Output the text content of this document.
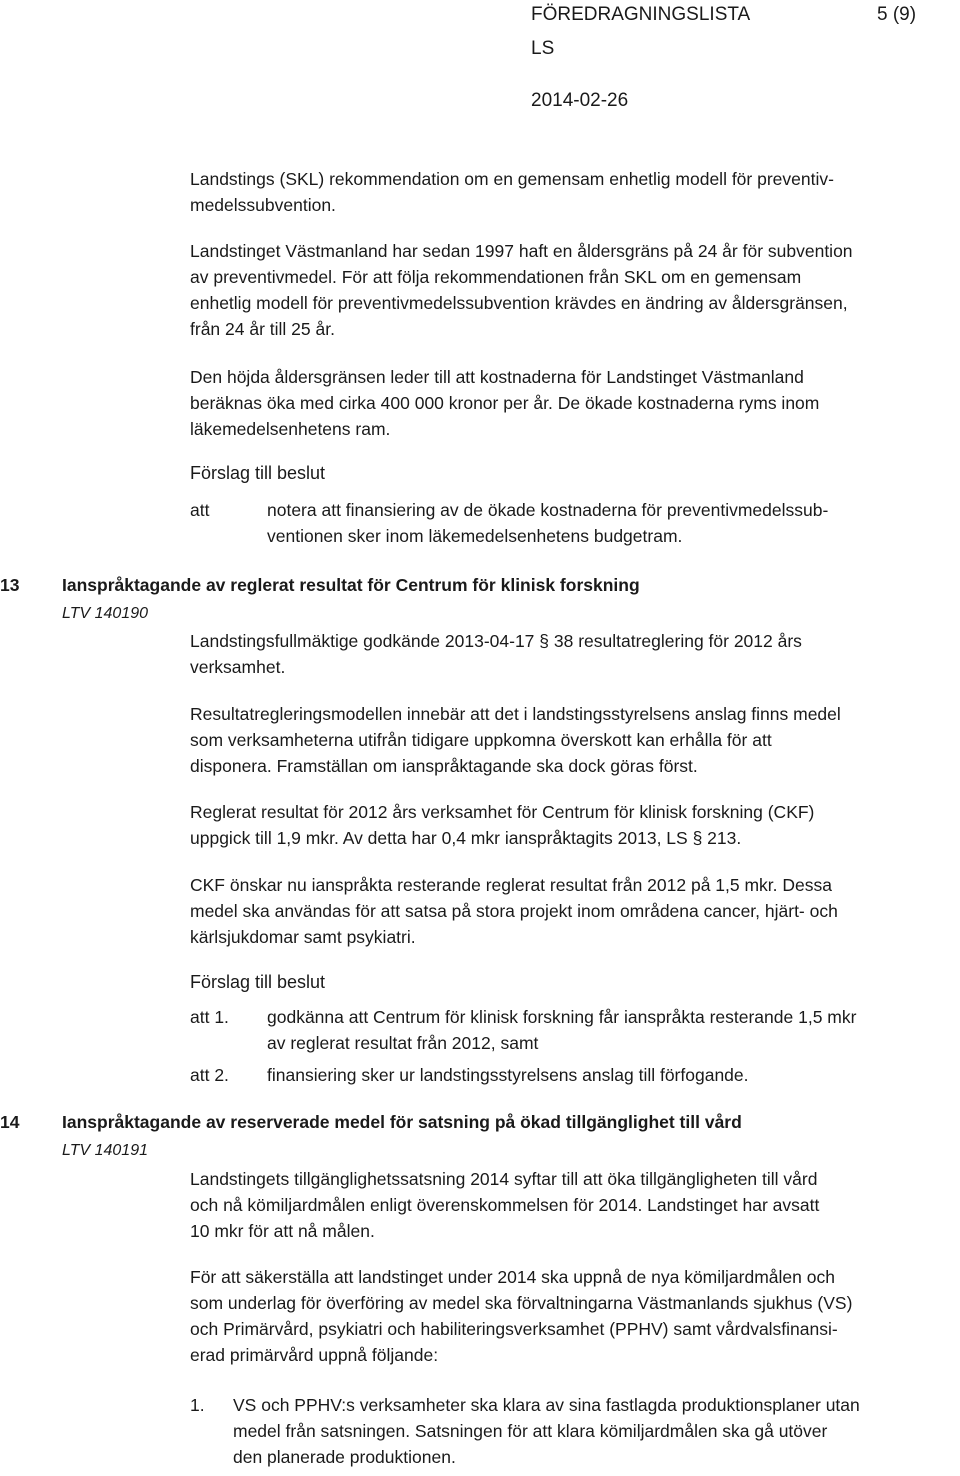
FÖREDRAGNINGSLISTA	5 (9)
LS
2014-02-26
Landstings (SKL) rekommendation om en gemensam enhetlig modell för preventiv-
medelssubvention.
Landstinget Västmanland har sedan 1997 haft en åldersgräns på 24 år för subvention
av preventivmedel. För att följa rekommendationen från SKL om en gemensam
enhetlig modell för preventivmedelssubvention krävdes en ändring av åldersgränsen,
från 24 år till 25 år.
Den höjda åldersgränsen leder till att kostnaderna för Landstinget Västmanland
beräknas öka med cirka 400 000 kronor per år. De ökade kostnaderna ryms inom
läkemedelsenhetens ram.
Förslag till beslut
att	notera att finansiering av de ökade kostnaderna för preventivmedelssub-
ventionen sker inom läkemedelsenhetens budgetram.
13 Ianspråktagande av reglerat resultat för Centrum för klinisk forskning
LTV 140190
Landstingsfullmäktige godkände 2013-04-17 § 38 resultatreglering för 2012 års
verksamhet.
Resultatregleringsmodellen innebär att det i landstingsstyrelsens anslag finns medel
som verksamheterna utifrån tidigare uppkomna överskott kan erhålla för att
disponera. Framställan om ianspråktagande ska dock göras först.
Reglerat resultat för 2012 års verksamhet för Centrum för klinisk forskning (CKF)
uppgick till 1,9 mkr. Av detta har 0,4 mkr ianspråktagits 2013, LS § 213.
CKF önskar nu ianspråkta resterande reglerat resultat från 2012 på 1,5 mkr. Dessa
medel ska användas för att satsa på stora projekt inom områdena cancer, hjärt- och
kärlsjukdomar samt psykiatri.
Förslag till beslut
att 1. godkänna att Centrum för klinisk forskning får ianspråkta resterande 1,5 mkr
av reglerat resultat från 2012, samt
att 2. finansiering sker ur landstingsstyrelsens anslag till förfogande.
14 Ianspråktagande av reserverade medel för satsning på ökad tillgänglighet till vård
LTV 140191
Landstingets tillgänglighetssatsning 2014 syftar till att öka tillgängligheten till vård
och nå kömiljardmålen enligt överenskommelsen för 2014. Landstinget har avsatt
10 mkr för att nå målen.
För att säkerställa att landstinget under 2014 ska uppnå de nya kömiljardmålen och
som underlag för överföring av medel ska förvaltningarna Västmanlands sjukhus (VS)
och Primärvård, psykiatri och habiliteringsverksamhet (PPHV) samt vårdvalsfinansi-
erad primärvård uppnå följande:
1. VS och PPHV:s verksamheter ska klara av sina fastlagda produktionsplaner utan
medel från satsningen. Satsningen för att klara kömiljardmålen ska gå utöver
den planerade produktionen.
